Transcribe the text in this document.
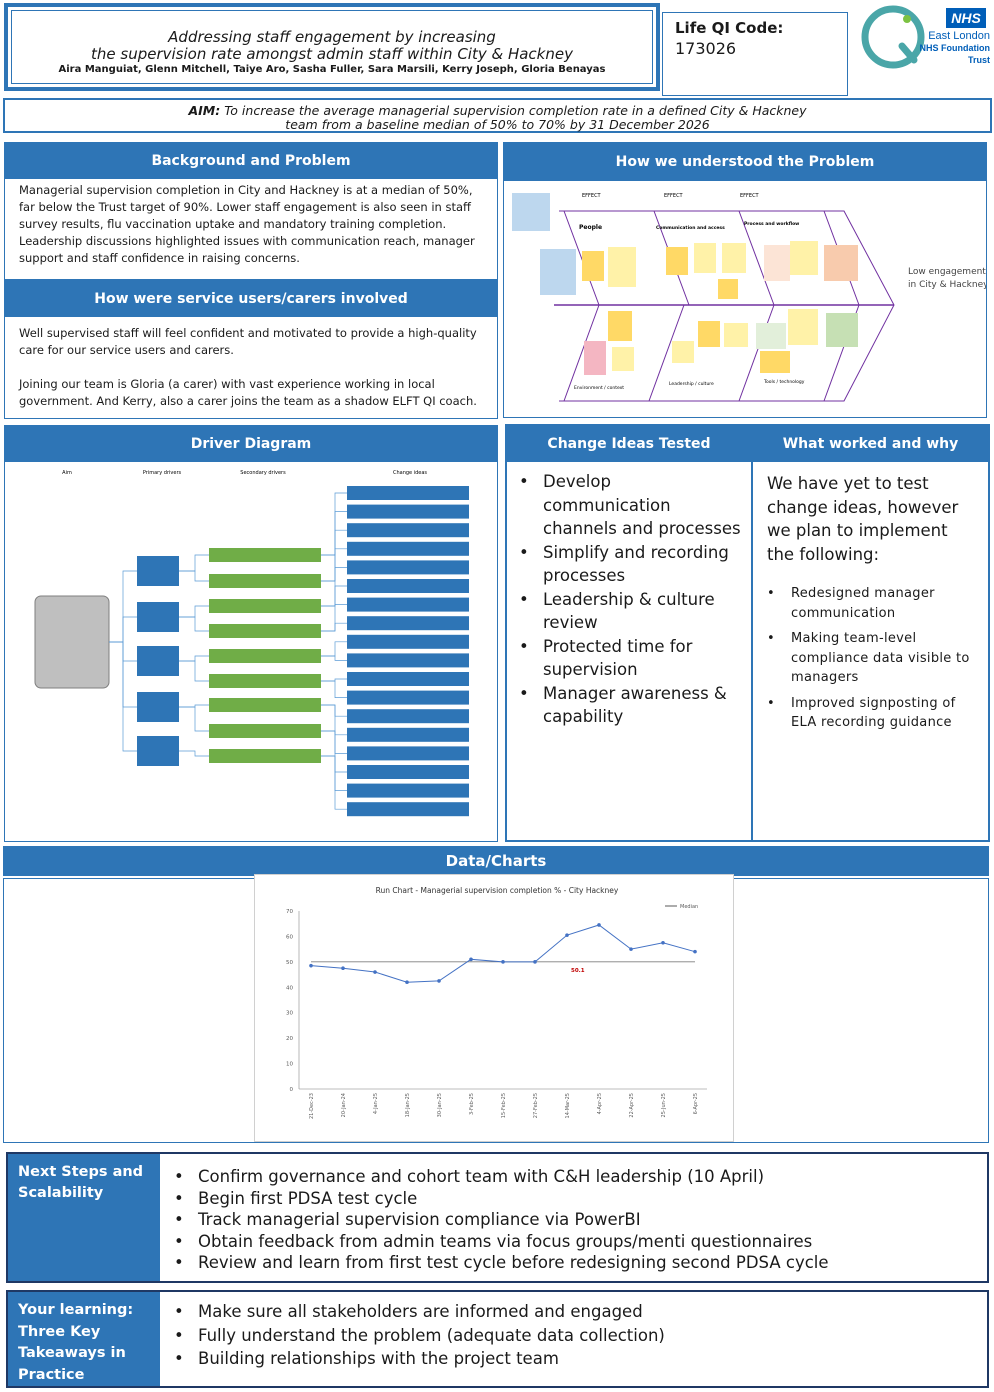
Addressing staff engagement by increasing
the supervision rate amongst admin staff within City & Hackney
Aira Manguiat, Glenn Mitchell, Taiye Aro, Sasha Fuller, Sara Marsili, Kerry Joseph, Gloria Benayas
Life QI Code:
173026
NHS
East London
NHS Foundation Trust
AIM: To increase the average managerial supervision completion rate in a defined City & Hackney
team from a baseline median of 50% to 70% by 31 December 2026
Background and Problem
Managerial supervision completion in City and Hackney is at a median of 50%, far below the Trust target of 90%. Lower staff engagement is also seen in staff survey results, flu vaccination uptake and mandatory training completion. Leadership discussions highlighted issues with communication reach, manager support and staff confidence in raising concerns.
How were service users/carers involved
Well supervised staff will feel confident and motivated to provide a high-quality care for our service users and carers.
Joining our team is Gloria (a carer) with vast experience working in local government. And Kerry, also a carer joins the team as a shadow ELFT QI coach.
How we understood the Problem
EFFECT	EFFECT	EFFECT
People	Communication and access
Process and workflow
Environment / context
Leadership / culture	Tools / technology
Low engagement
in City & Hackney
Driver Diagram
Aim	Primary drivers	Secondary drivers	Change ideas
Change Ideas Tested
• Develop communication channels and processes
• Simplify and recording processes
• Leadership & culture review
• Protected time for supervision
• Manager awareness & capability
What worked and why
We have yet to test change ideas, however we plan to implement the following:
• Redesigned manager communication
• Making team-level compliance data visible to managers
• Improved signposting of ELA recording guidance
Data/Charts
Run Chart - Managerial supervision completion % - City Hackney
Median
0
10
20
30
40
50
60
70
21-Dec-23	20-Jan-24	4-Jan-25	18-Jan-25	30-Jan-25	3-Feb-25	15-Feb-25	27-Feb-25	14-Mar-25	4-Apr-25	22-Apr-25	25-Jun-25	6-Apr-25
50.1
Next Steps and Scalability
• Confirm governance and cohort team with C&H leadership (10 April)
• Begin first PDSA test cycle
• Track managerial supervision compliance via PowerBI
• Obtain feedback from admin teams via focus groups/menti questionnaires
• Review and learn from first test cycle before redesigning second PDSA cycle
Your learning: Three Key Takeaways in Practice
• Make sure all stakeholders are informed and engaged
• Fully understand the problem (adequate data collection)
• Building relationships with the project team
